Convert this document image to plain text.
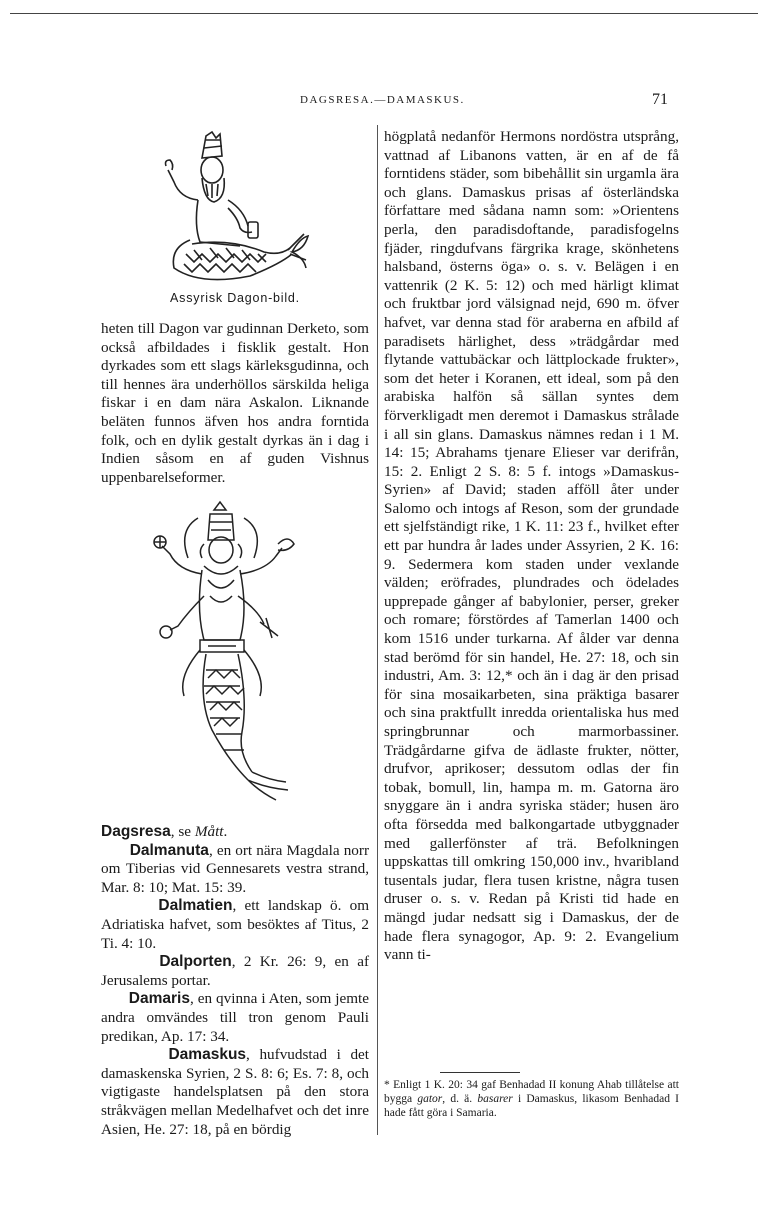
DAGSRESA.—DAMASKUS.	71
Assyrisk Dagon-bild.

heten till Dagon var gudinnan Derketo, som också afbildades i fisklik gestalt. Hon dyrkades som ett slags kärleksgudinna, och till hennes ära underhöllos särskilda heliga fiskar i en dam nära Askalon. Liknande beläten funnos äfven hos andra forntida folk, och en dylik gestalt dyrkas än i dag i Indien såsom en af guden Vishnus uppenbarelseformer.

Dagsresa, se Mått.

Dalmanuta, en ort nära Magdala norr om Tiberias vid Gennesarets vestra strand, Mar. 8: 10; Mat. 15: 39.

Dalmatien, ett landskap ö. om Adriatiska hafvet, som besöktes af Titus, 2 Ti. 4: 10.

Dalporten, 2 Kr. 26: 9, en af Jerusalems portar.

Damaris, en qvinna i Aten, som jemte andra omvändes till tron genom Pauli predikan, Ap. 17: 34.

Damaskus, hufvudstad i det damaskenska Syrien, 2 S. 8: 6; Es. 7: 8, och vigtigaste handelsplatsen på den stora stråkvägen mellan Medelhafvet och det inre Asien, He. 27: 18, på en bördig

högplatå nedanför Hermons nordöstra utsprång, vattnad af Libanons vatten, är en af de få forntidens städer, som bibehållit sin urgamla ära och glans. Damaskus prisas af österländska författare med sådana namn som: »Orientens perla, den paradisdoftande, paradisfogelns fjäder, ringdufvans färgrika krage, skönhetens halsband, österns öga» o. s. v. Belägen i en vattenrik (2 K. 5: 12) och med härligt klimat och fruktbar jord välsignad nejd, 690 m. öfver hafvet, var denna stad för araberna en afbild af paradisets härlighet, dess »trädgårdar med flytande vattubäckar och lättplockade frukter», som det heter i Koranen, ett ideal, som på den arabiska halfön så sällan syntes dem förverkligadt men deremot i Damaskus strålade i all sin glans. Damaskus nämnes redan i 1 M. 14: 15; Abrahams tjenare Elieser var derifrån, 15: 2. Enligt 2 S. 8: 5 f. intogs »Damaskus-Syrien» af David; staden afföll åter under Salomo och intogs af Reson, som der grundade ett sjelfständigt rike, 1 K. 11: 23 f., hvilket efter ett par hundra år lades under Assyrien, 2 K. 16: 9. Sedermera kom staden under vexlande välden; eröfrades, plundrades och ödelades upprepade gånger af babylonier, perser, greker och romare; förstördes af Tamerlan 1400 och kom 1516 under turkarna. Af ålder var denna stad berömd för sin handel, He. 27: 18, och sin industri, Am. 3: 12,* och än i dag är den prisad för sina mosaikarbeten, sina präktiga basarer och sina praktfullt inredda orientaliska hus med springbrunnar och marmorbassiner. Trädgårdarne gifva de ädlaste frukter, nötter, drufvor, aprikoser; dessutom odlas der fin tobak, bomull, lin, hampa m. m. Gatorna äro snyggare än i andra syriska städer; husen äro ofta försedda med balkongartade utbyggnader med gallerfönster af trä. Befolkningen uppskattas till omkring 150,000 inv., hvaribland tusentals judar, flera tusen kristne, några tusen druser o. s. v. Redan på Kristi tid hade en mängd judar nedsatt sig i Damaskus, der de hade flera synagogor, Ap. 9: 2. Evangelium vann ti-

* Enligt 1 K. 20: 34 gaf Benhadad II konung Ahab tillåtelse att bygga gator, d. ä. basarer i Damaskus, likasom Benhadad I hade fått göra i Samaria.
